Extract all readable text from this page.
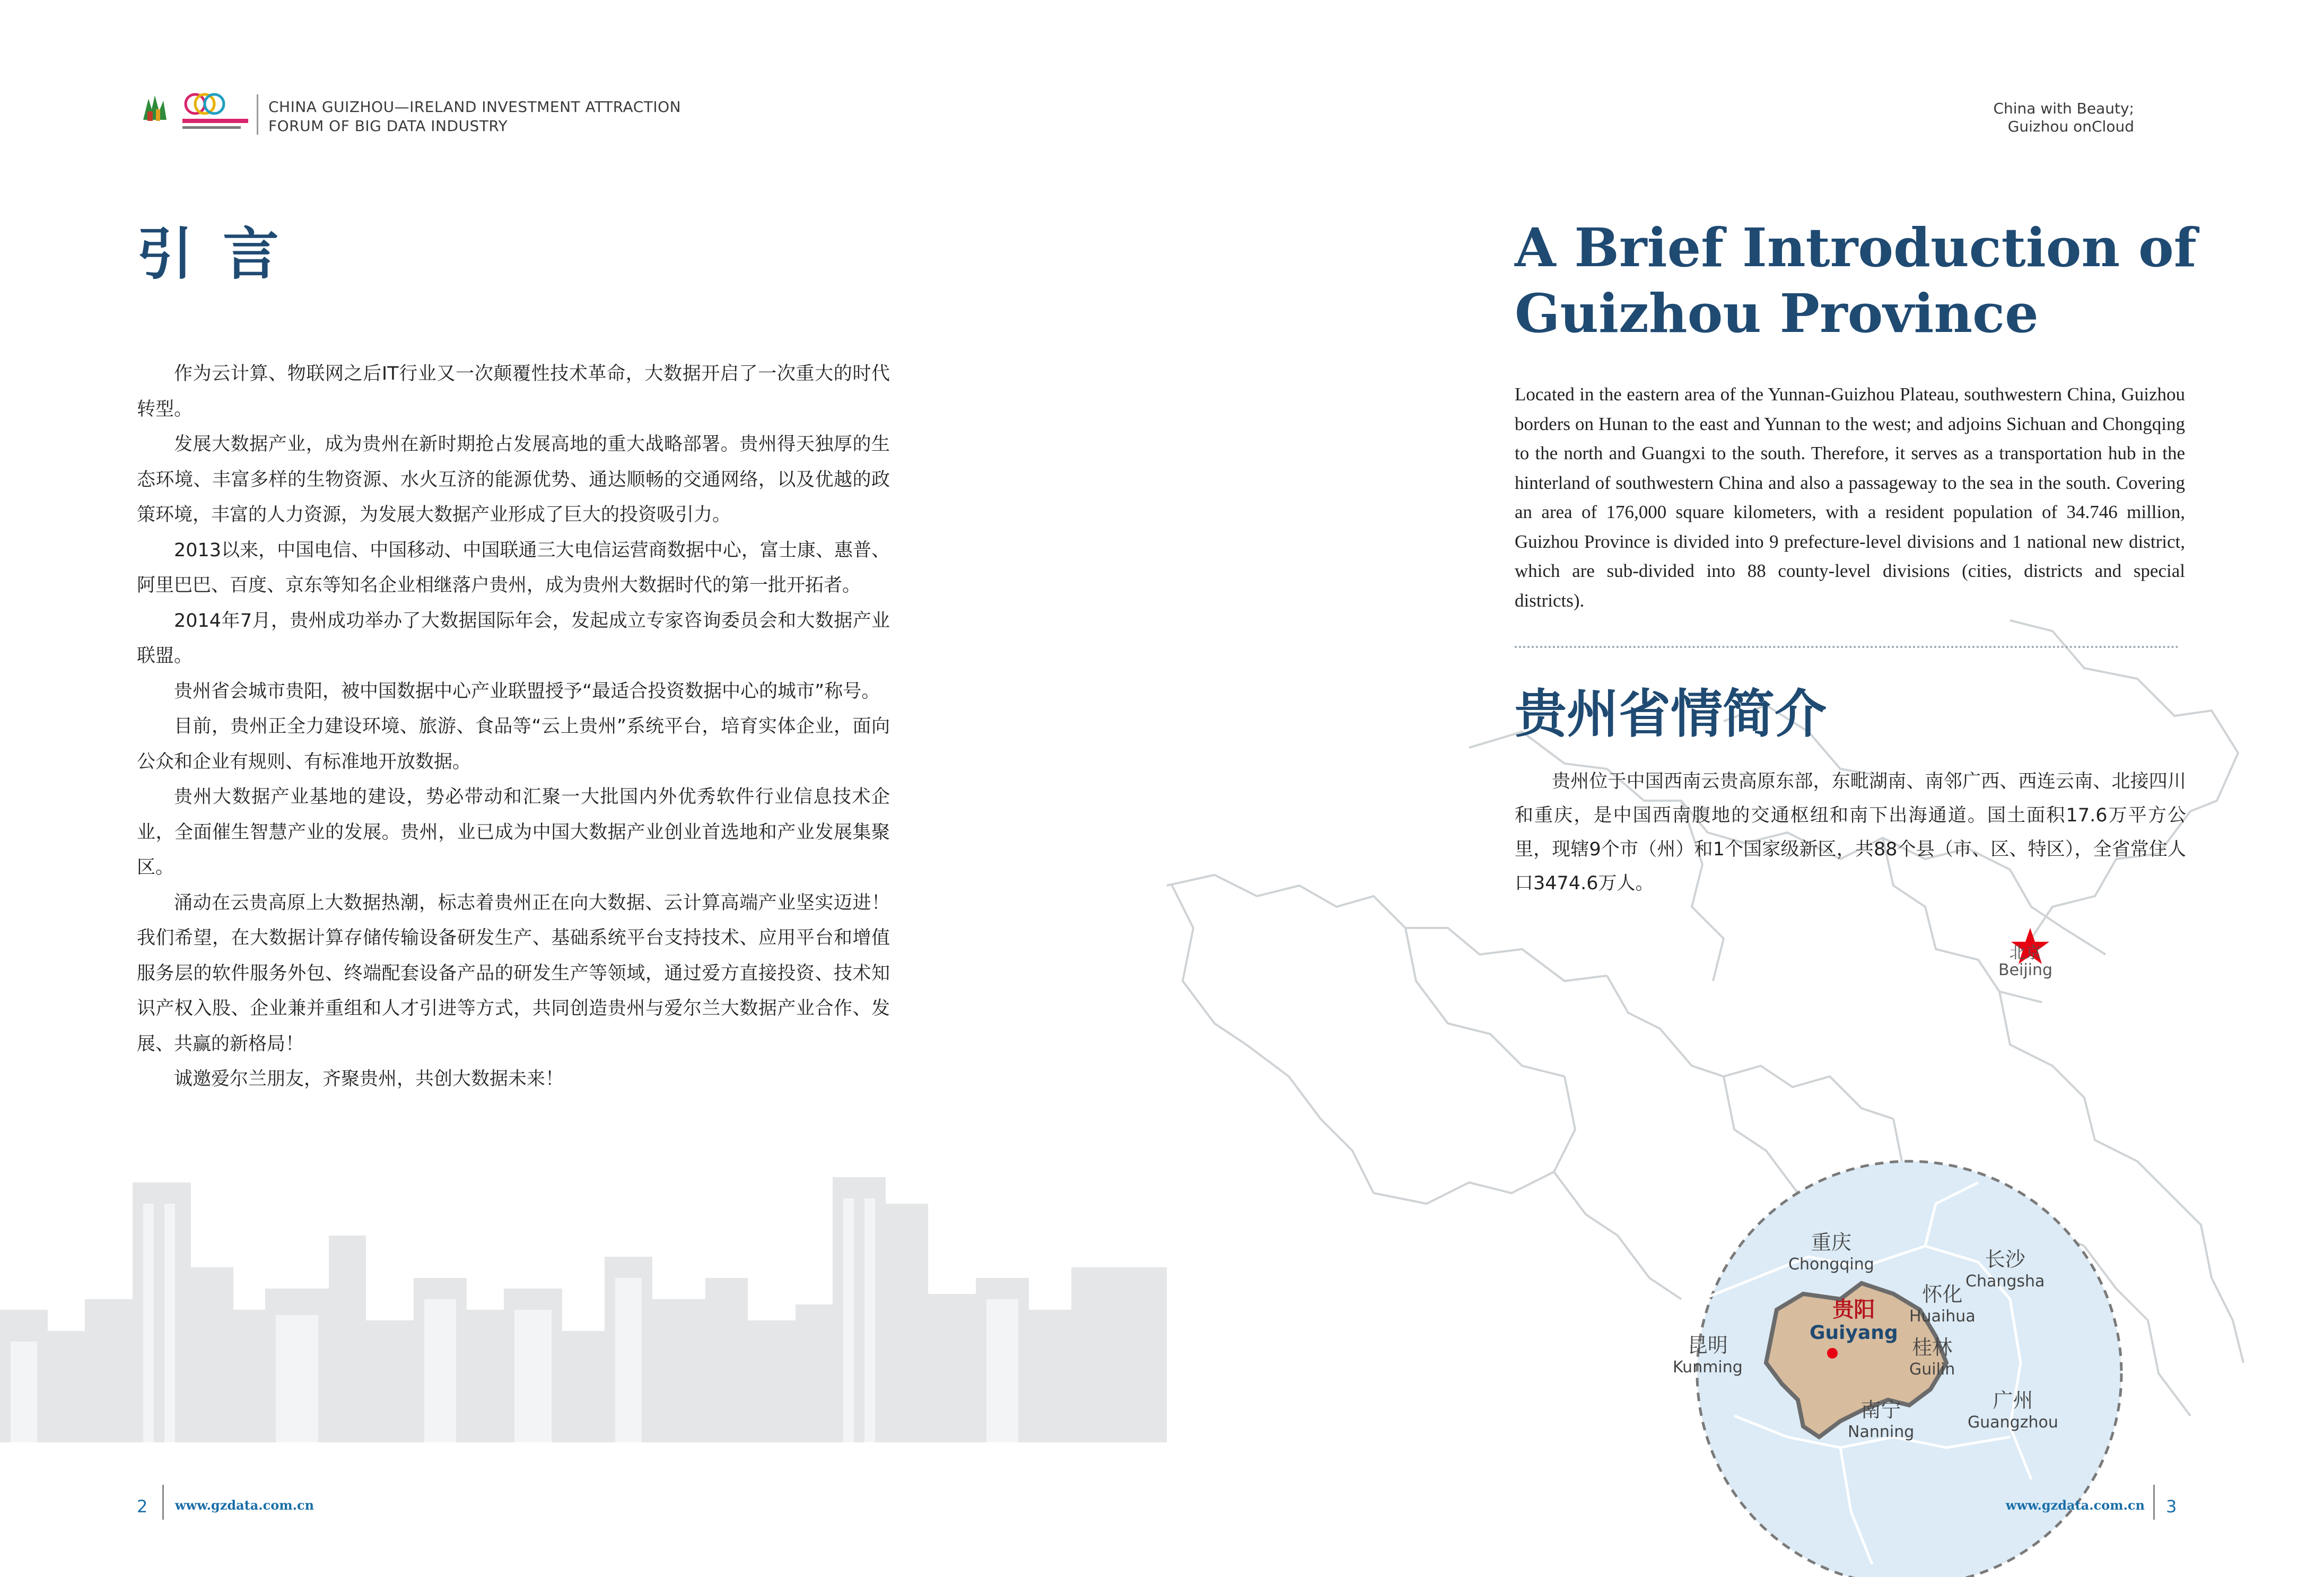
CHINA GUIZHOU—IRELAND INVESTMENT ATTRACTION
FORUM OF BIG DATA INDUSTRY
China with Beauty;
Guizhou onCloud
引言

作为云计算、物联网之后IT行业又一次颠覆性技术革命，大数据开启了一次重大的时代转型。

发展大数据产业，成为贵州在新时期抢占发展高地的重大战略部署。贵州得天独厚的生态环境、丰富多样的生物资源、水火互济的能源优势、通达顺畅的交通网络，以及优越的政策环境，丰富的人力资源，为发展大数据产业形成了巨大的投资吸引力。

2013以来，中国电信、中国移动、中国联通三大电信运营商数据中心，富士康、惠普、阿里巴巴、百度、京东等知名企业相继落户贵州，成为贵州大数据时代的第一批开拓者。

2014年7月，贵州成功举办了大数据国际年会，发起成立专家咨询委员会和大数据产业联盟。

贵州省会城市贵阳，被中国数据中心产业联盟授予“最适合投资数据中心的城市”称号。

目前，贵州正全力建设环境、旅游、食品等“云上贵州”系统平台，培育实体企业，面向公众和企业有规则、有标准地开放数据。

贵州大数据产业基地的建设，势必带动和汇聚一大批国内外优秀软件行业信息技术企业，全面催生智慧产业的发展。贵州，业已成为中国大数据产业创业首选地和产业发展集聚区。

涌动在云贵高原上大数据热潮，标志着贵州正在向大数据、云计算高端产业坚实迈进！我们希望，在大数据计算存储传输设备研发生产、基础系统平台支持技术、应用平台和增值服务层的软件服务外包、终端配套设备产品的研发生产等领域，通过爱方直接投资、技术知识产权入股、企业兼并重组和人才引进等方式，共同创造贵州与爱尔兰大数据产业合作、发展、共赢的新格局！

诚邀爱尔兰朋友，齐聚贵州，共创大数据未来！

北京
Beijing
重庆
Chongqing	长沙
Changsha
怀化
Huaihua
贵阳
Guiyang
昆明
Kunming
桂林
Guilin
南宁
Nanning
广州
Guangzhou
A Brief Introduction of
Guizhou Province
Located in the eastern area of the Yunnan-Guizhou Plateau, southwestern China, Guizhou borders on Hunan to the east and Yunnan to the west; and adjoins Sichuan and Chongqing to the north and Guangxi to the south. Therefore, it serves as a transportation hub in the hinterland of southwestern China and also a passageway to the sea in the south. Covering an area of 176,000 square kilometers, with a resident population of 34.746 million, Guizhou Province is divided into 9 prefecture-level divisions and 1 national new district, which are sub-divided into 88 county-level divisions (cities, districts and special districts).
贵州省情简介

贵州位于中国西南云贵高原东部，东毗湖南、南邻广西、西连云南、北接四川和重庆，是中国西南腹地的交通枢纽和南下出海通道。国土面积17.6万平方公里，现辖9个市（州）和1个国家级新区，共88个县（市、区、特区），全省常住人口3474.6万人。

2 www.gzdata.com.cn	www.gzdata.com.cn 3
